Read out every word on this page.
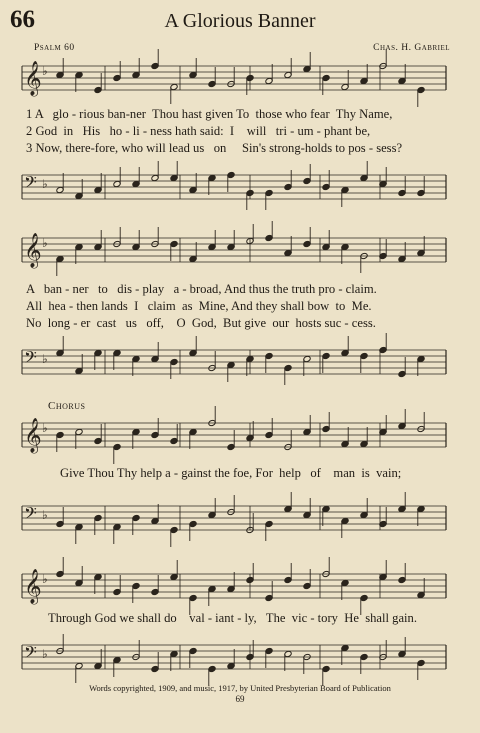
66	A Glorious Banner
Psalm 60	Chas. H. Gabriel
𝄞 ♭
1 A   glo - rious ban-ner  Thou hast given To  those who fear  Thy Name,
2 God  in   His   ho - li - ness hath said:  I    will   tri - um - phant be,
3 Now, there-fore, who will lead us   on     Sin's strong-holds to pos - sess?
𝄢 ♭
𝄞 ♭
A   ban - ner   to   dis - play   a - broad, And thus the truth pro - claim.
All  hea - then lands  I   claim  as  Mine, And they shall bow  to  Me.
No  long - er  cast   us   off,    O  God,  But give  our  hosts suc - cess.
𝄢 ♭
Chorus
𝄞 ♭
Give Thou Thy help a - gainst the foe, For  help   of    man  is  vain;
𝄢 ♭
𝄞 ♭
Through God we shall do    val - iant - ly,   The  vic - tory  He  shall gain.
𝄢 ♭
Words copyrighted, 1909, and music, 1917, by United Presbyterian Board of Publication
69
